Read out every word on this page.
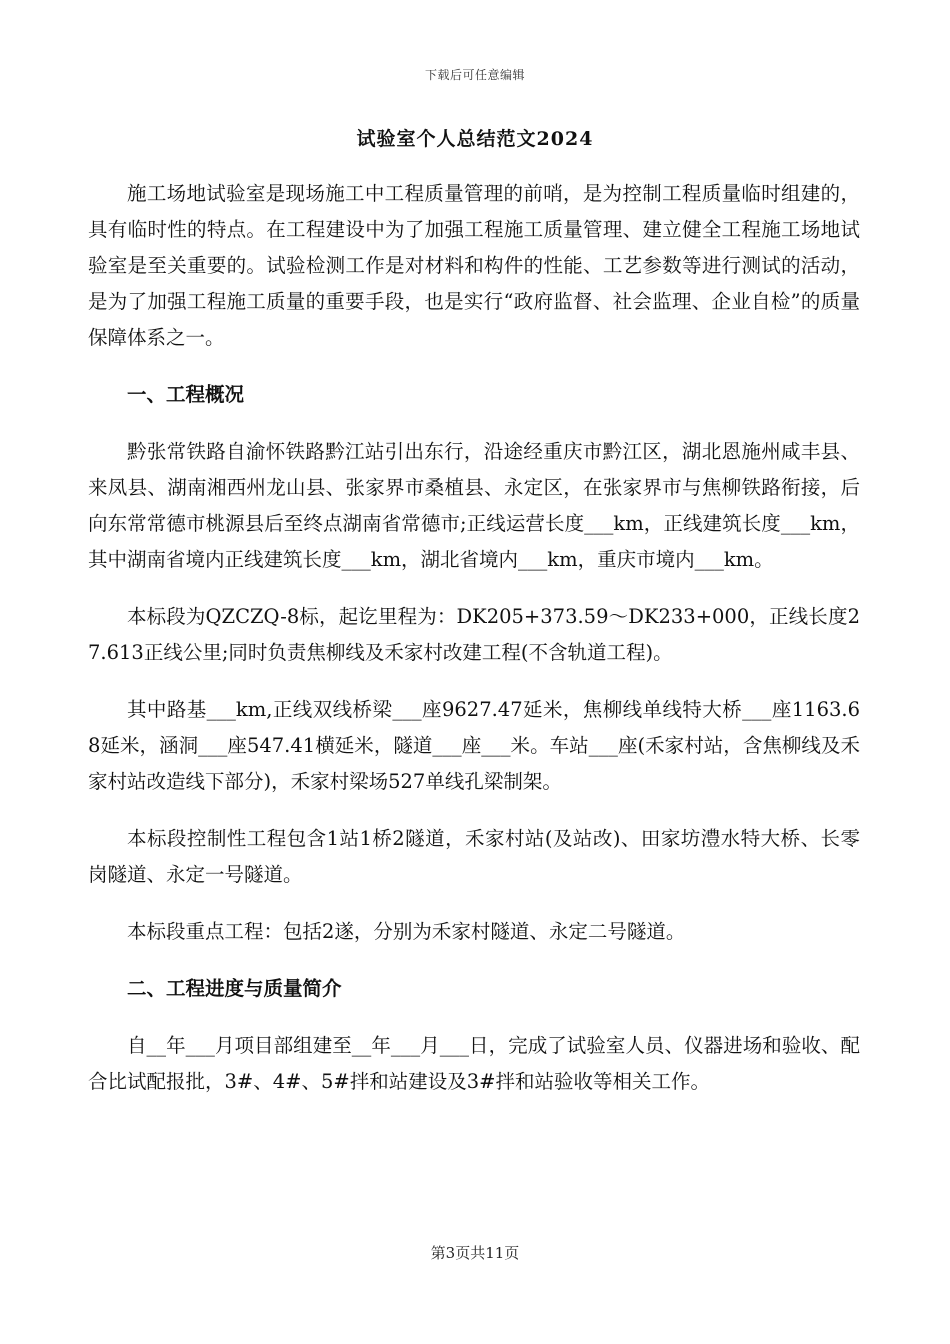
下载后可任意编辑
试验室个人总结范文2024

施工场地试验室是现场施工中工程质量管理的前哨，是为控制工程质量临时组建的，具有临时性的特点。在工程建设中为了加强工程施工质量管理、建立健全工程施工场地试验室是至关重要的。试验检测工作是对材料和构件的性能、工艺参数等进行测试的活动，是为了加强工程施工质量的重要手段，也是实行“政府监督、社会监理、企业自检”的质量保障体系之一。

一、工程概况

黔张常铁路自渝怀铁路黔江站引出东行，沿途经重庆市黔江区，湖北恩施州咸丰县、来凤县、湖南湘西州龙山县、张家界市桑植县、永定区，在张家界市与焦柳铁路衔接，后向东常常德市桃源县后至终点湖南省常德市;正线运营长度___km，正线建筑长度___km，其中湖南省境内正线建筑长度___km，湖北省境内___km，重庆市境内___km。

本标段为QZCZQ-8标，起讫里程为：DK205+373.59～DK233+000，正线长度27.613正线公里;同时负责焦柳线及禾家村改建工程(不含轨道工程)。

其中路基___km,正线双线桥梁___座9627.47延米，焦柳线单线特大桥___座1163.68延米，涵洞___座547.41横延米，隧道___座___米。车站___座(禾家村站，含焦柳线及禾家村站改造线下部分)，禾家村梁场527单线孔梁制架。

本标段控制性工程包含1站1桥2隧道，禾家村站(及站改)、田家坊澧水特大桥、长零岗隧道、永定一号隧道。

本标段重点工程：包括2遂，分别为禾家村隧道、永定二号隧道。

二、工程进度与质量简介

自__年___月项目部组建至__年___月___日，完成了试验室人员、仪器进场和验收、配合比试配报批，3#、4#、5#拌和站建设及3#拌和站验收等相关工作。

第3页共11页
